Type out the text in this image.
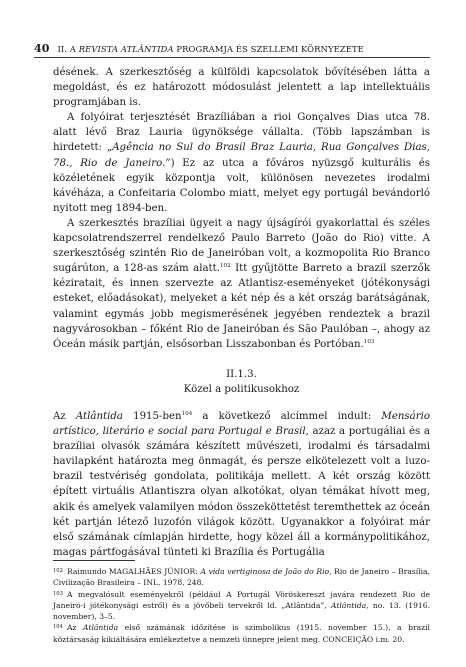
40 II. A REVISTA ATLÂNTIDA PROGRAMJA ÉS SZELLEMI KÖRNYEZETE

désének. A szerkesztőség a külföldi kapcsolatok bővítésében látta a megoldást, és ez határozott módosulást jelentett a lap intellektuális programjában is.

A folyóirat terjesztését Brazíliában a rioi Gonçalves Dias utca 78. alatt lévő Braz Lauria ügynöksége vállalta. (Több lapszámban is hirdetett: „Agência no Sul do Brasil Braz Lauria, Rua Gonçalves Dias, 78., Rio de Janeiro.”) Ez az utca a főváros nyüzsgő kulturális és közéletének egyik központja volt, különösen nevezetes irodalmi kávéháza, a Confeitaria Colombo miatt, melyet egy portugál bevándorló nyitott meg 1894-ben.

A szerkesztés brazíliai ügyeit a nagy újságírói gyakorlattal és széles kapcsolatrendszerrel rendelkező Paulo Barreto (João do Rio) vitte. A szerkesztőség szintén Rio de Janeiróban volt, a kozmopolita Rio Branco sugárúton, a 128-as szám alatt.$^{102}$ Itt gyűjtötte Barreto a brazil szerzők kéziratait, és innen szervezte az Atlantisz-eseményeket (jótékonysági esteket, előadásokat), melyeket a két nép és a két ország barátságának, valamint egymás jobb megismerésének jegyében rendeztek a brazil nagyvárosokban – főként Rio de Janeiróban és São Paulóban –, ahogy az Óceán másik partján, elsősorban Lisszabonban és Portóban.$^{103}$

II.1.3.

Közel a politikusokhoz

Az Atlântida 1915-ben$^{104}$ a következő alcímmel indult: Mensário artístico, literário e social para Portugal e Brasil, azaz a portugáliai és a brazíliai olvasók számára készített művészeti, irodalmi és társadalmi havilapként határozta meg önmagát, és persze elkötelezett volt a luzo-brazil testvériség gondolata, politikája mellett. A két ország között épített virtuális Atlantiszra olyan alkotókat, olyan témákat hívott meg, akik és amelyek valamilyen módon összeköttetést teremthettek az óceán két partján létező luzofón világok között. Ugyanakkor a folyóirat már első számának címlapján hirdette, hogy közel áll a kormánypolitikához, magas pártfogásával tünteti ki Brazília és Portugália

102 Raimundo MAGALHÃES JÚNIOR: A vida vertiginosa de João do Rio, Rio de Janeiro – Brasília, Civilização Brasileira – INL, 1978, 248.

103 A megvalósult eseményekről (például A Portugál Vöröskereszt javára rendezett Rio de Janeiró-i jótékonysági estről) és a jövőbeli tervekről ld. „Atlântida”, Atlântida, no. 13. (1916. november), 3–5.

104 Az Atlântida első számának időzítése is szimbolikus (1915. november 15.), a brazil köztársaság kikiáltására emlékeztetve a nemzeti ünnepre jelent meg. CONCEIÇÃO i.m. 20.
